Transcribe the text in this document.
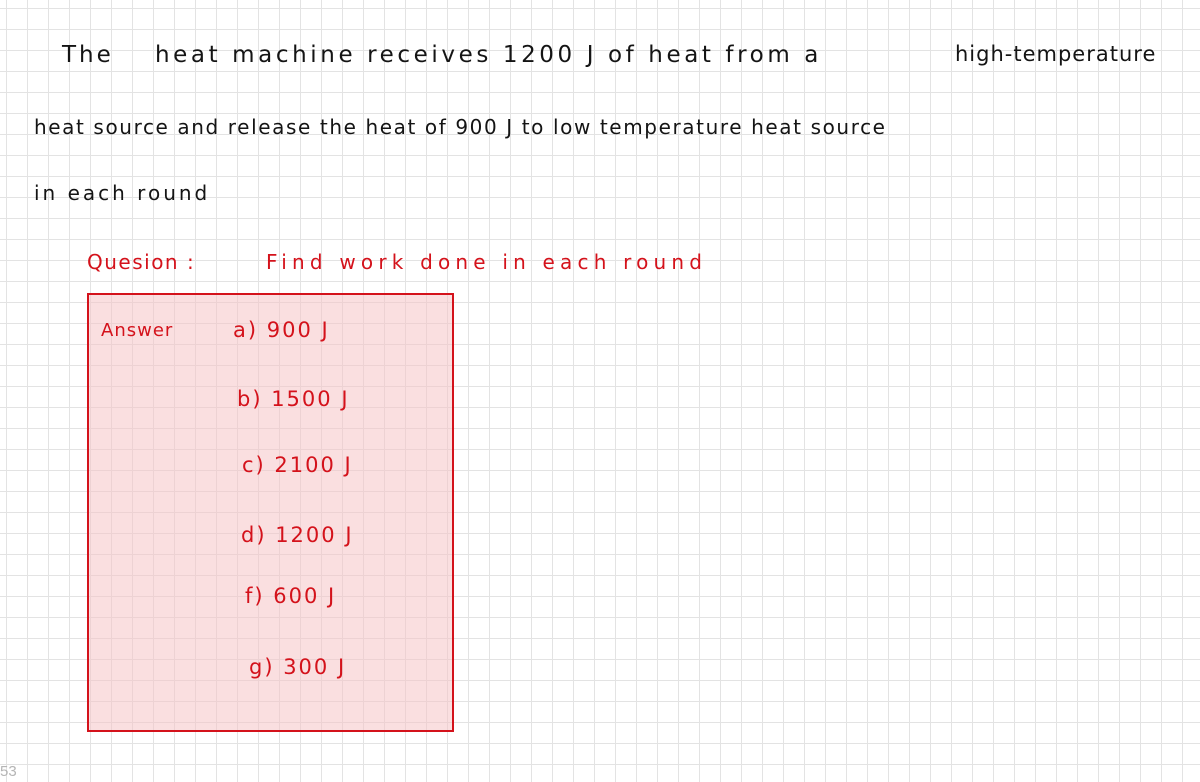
The heat machine receives 1200 J of heat from a	high-temperature
heat source and release the heat of 900 J to low temperature heat source
in each round
Quesion :	Find work done in each round
Answer	a) 900 J
b) 1500 J
c) 2100 J
d) 1200 J
f) 600 J
g) 300 J
53
